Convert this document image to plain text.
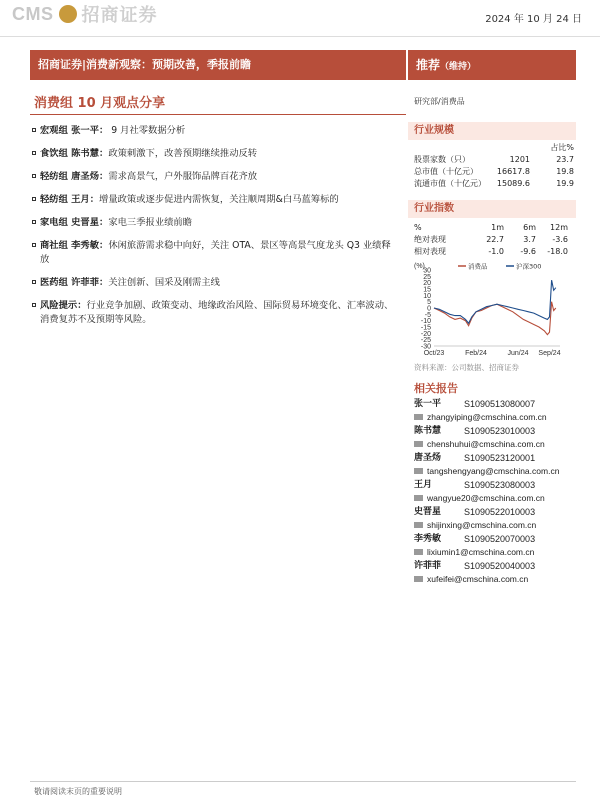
CMS 招商证券	2024 年 10 月 24 日
招商证券|消费新观察：预期改善，季报前瞻	推荐（维持）
消费组 10 月观点分享
宏观组 张一平： 9 月社零数据分析
食饮组 陈书慧：政策刺激下，改善预期继续推动反转
轻纺组 唐圣炀：需求高景气，户外服饰品牌百花齐放
轻纺组 王月：增量政策或逐步促进内需恢复，关注顺周期&白马蓝筹标的
家电组 史晋星：家电三季报业绩前瞻
商社组 李秀敏：休闲旅游需求稳中向好，关注 OTA、景区等高景气度龙头 Q3 业绩释放
医药组 许菲菲：关注创新、国采及刚需主线
风险提示：行业竞争加剧、政策变动、地缘政治风险、国际贸易环境变化、汇率波动、消费复苏不及预期等风险。
研究部/消费品
行业规模
占比%
股票家数（只）	1201	23.7
总市值（十亿元）	16617.8	19.8
流通市值（十亿元）	15089.6	19.9
行业指数
%	1m	6m	12m
绝对表现	22.7	3.7	-3.6
相对表现	-1.0	-9.6	-18.0
(%)
30
25
20
15
10
5
0
-5
-10
-15
-20
-25
-30
Oct/23	Feb/24	Jun/24 Sep/24
消费品	沪深300
资料来源：公司数据、招商证券
相关报告
张一平	S1090513080007
zhangyiping@cmschina.com.cn
陈书慧	S1090523010003
chenshuhui@cmschina.com.cn
唐圣炀	S1090523120001
tangshengyang@cmschina.com.cn
王月	S1090523080003
wangyue20@cmschina.com.cn
史晋星	S1090522010003
shijinxing@cmschina.com.cn
李秀敏	S1090520070003
lixiumin1@cmschina.com.cn
许菲菲	S1090520040003
xufeifei@cmschina.com.cn
敬请阅读末页的重要说明
